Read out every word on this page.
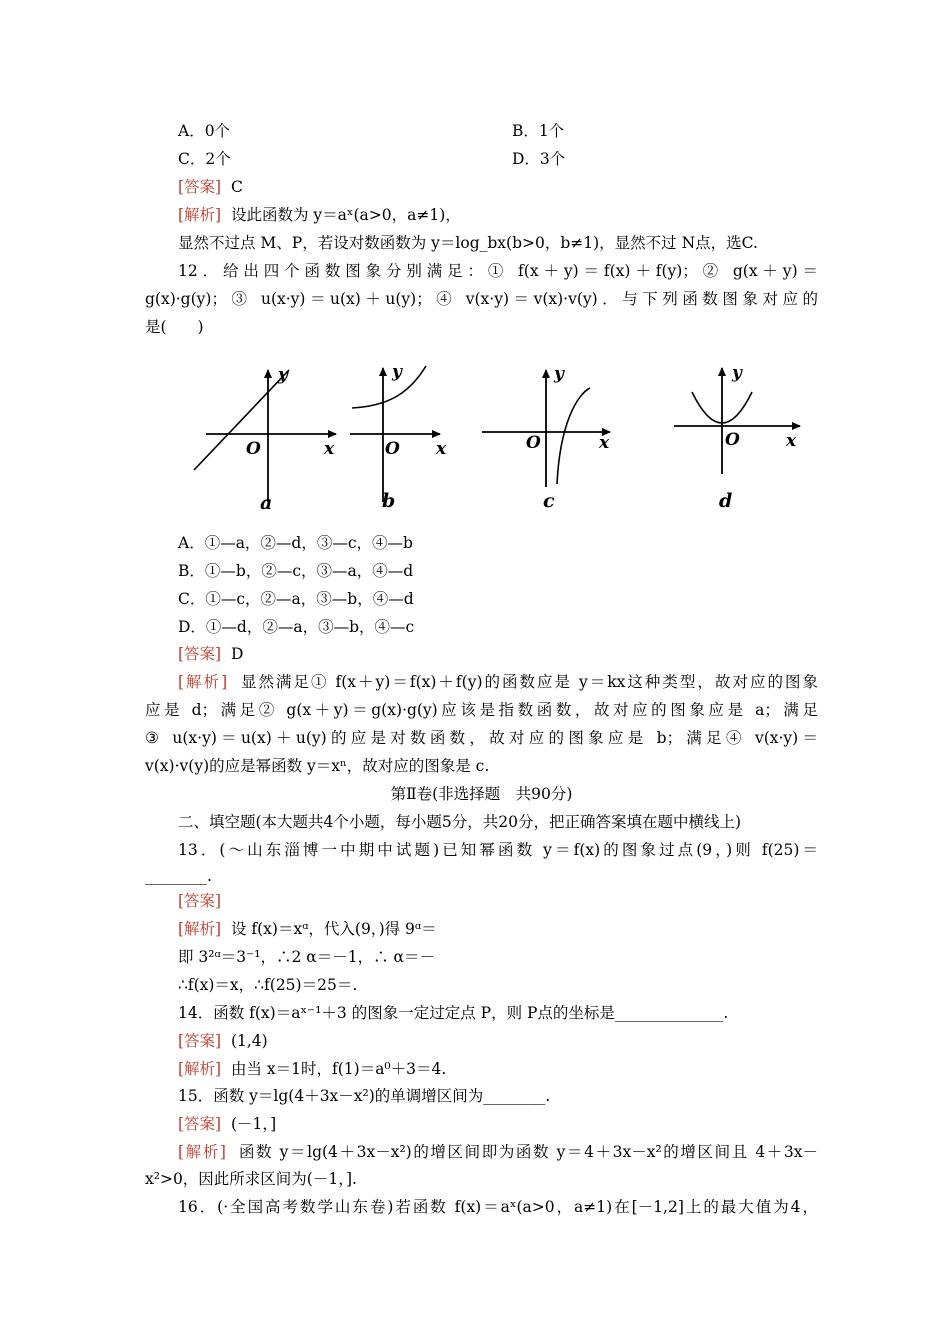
A．0个	B．1个
C．2个	D．3个
[答案] C
[解析] 设此函数为 y＝aˣ(a>0，a≠1)，
显然不过点 M、P，若设对数函数为 y＝log_bx(b>0，b≠1)，显然不过 N点，选C.
12．给出四个函数图象分别满足：① f(x＋y)＝f(x)＋f(y)；② g(x＋y)＝
g(x)·g(y)；③ u(x·y)＝u(x)＋u(y)；④ v(x·y)＝v(x)·v(y)．与下列函数图象对应的
是(　　)
y
O	x
a
y
O x
b
y
O	x
c
y
O	x
d
A．①—a，②—d，③—c，④—b
B．①—b，②—c，③—a，④—d
C．①—c，②—a，③—b，④—d
D．①—d，②—a，③—b，④—c
[答案] D
[解析] 显然满足① f(x＋y)＝f(x)＋f(y)的函数应是 y＝kx这种类型，故对应的图象
应是 d；满足② g(x＋y)＝g(x)·g(y)应该是指数函数，故对应的图象应是 a；满足
③ u(x·y)＝u(x)＋u(y)的应是对数函数，故对应的图象应是 b；满足④ v(x·y)＝
v(x)·v(y)的应是幂函数 y＝xⁿ，故对应的图象是 c.
第Ⅱ卷(非选择题　共90分)
二、填空题(本大题共4个小题，每小题5分，共20分，把正确答案填在题中横线上)
13．(～山东淄博一中期中试题)已知幂函数 y＝f(x)的图象过点(9，)则 f(25)＝
________.
[答案]
[解析] 设 f(x)＝xᵅ，代入(9，)得 9ᵅ＝
即 3²ᵅ＝3⁻¹，∴2 α＝－1，∴ α＝－
∴f(x)＝x，∴f(25)＝25＝.
14．函数 f(x)＝aˣ⁻¹＋3 的图象一定过定点 P，则 P点的坐标是______________.
[答案] (1,4)
[解析] 由当 x＝1时，f(1)＝a⁰＋3＝4.
15．函数 y＝lg(4＋3x－x²)的单调增区间为________.
[答案] (－1，]
[解析] 函数 y＝lg(4＋3x－x²)的增区间即为函数 y＝4＋3x－x²的增区间且 4＋3x－
x²>0，因此所求区间为(－1，].
16．(·全国高考数学山东卷)若函数 f(x)＝aˣ(a>0，a≠1)在[－1,2]上的最大值为4，
